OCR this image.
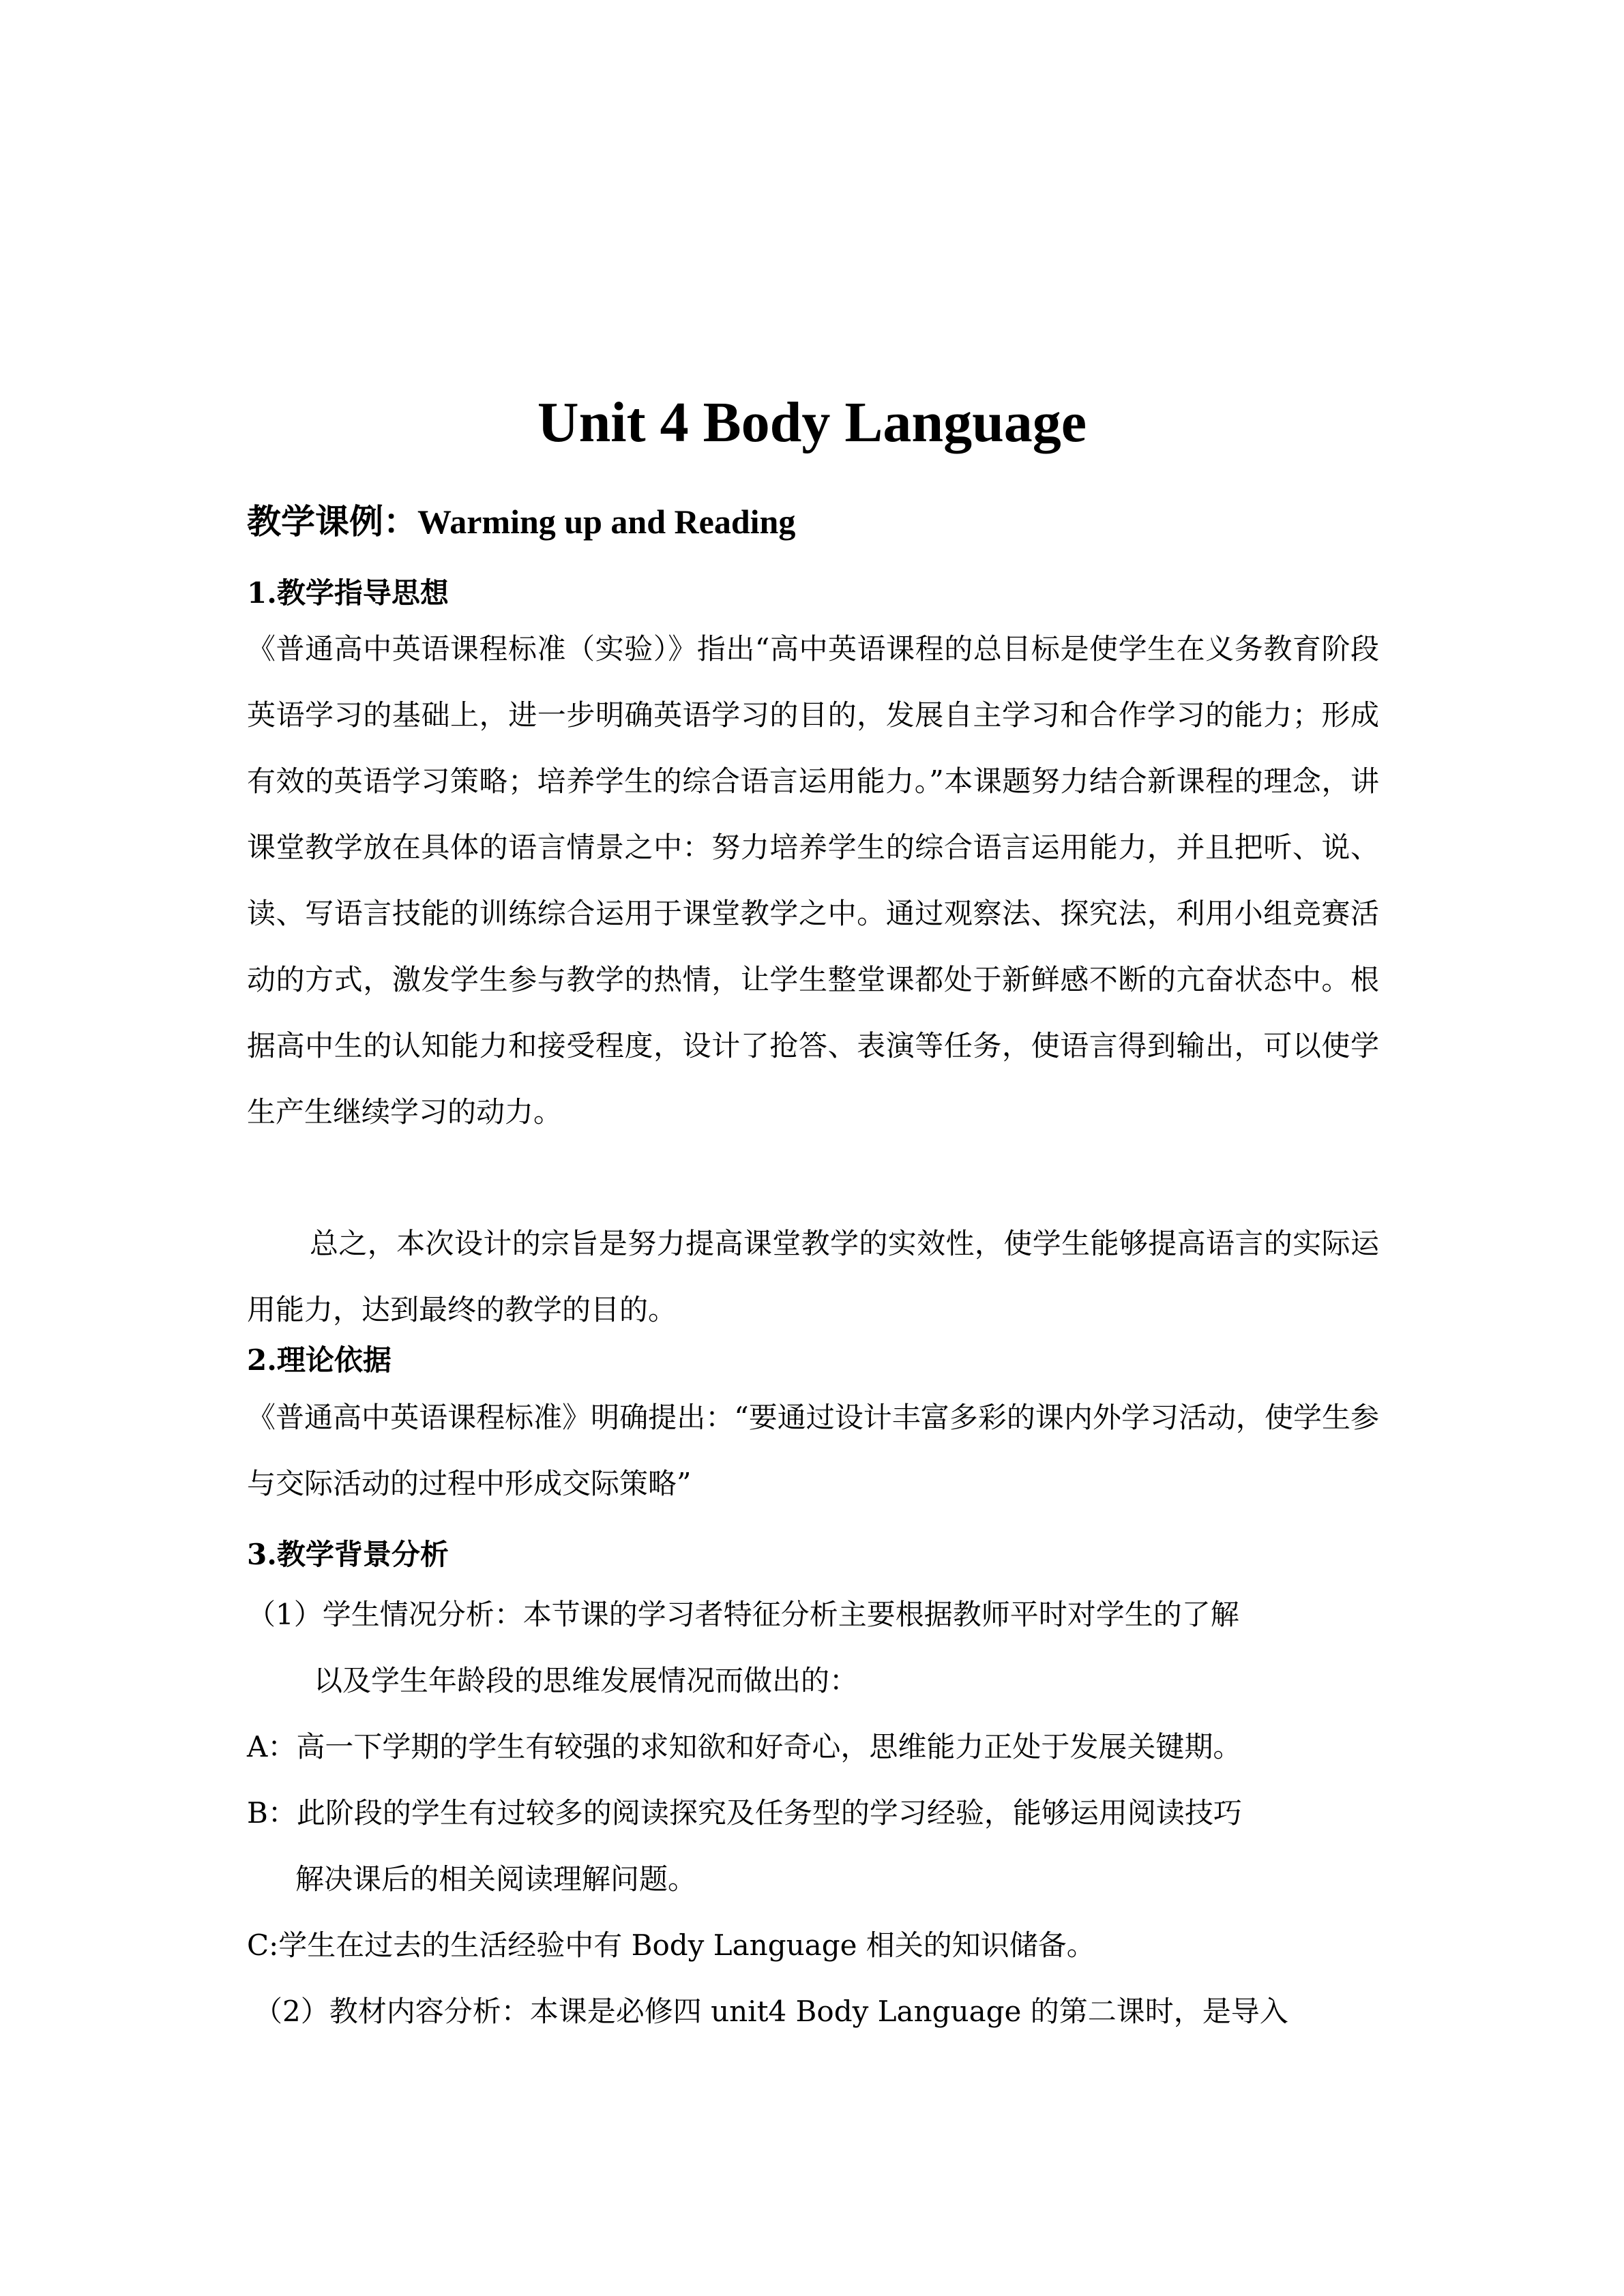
Unit 4 Body Language
教学课例：Warming up and Reading
1.教学指导思想

《普通高中英语课程标准（实验）》指出“高中英语课程的总目标是使学生在义务教育阶段英语学习的基础上，进一步明确英语学习的目的，发展自主学习和合作学习的能力；形成有效的英语学习策略；培养学生的综合语言运用能力。”本课题努力结合新课程的理念，讲课堂教学放在具体的语言情景之中：努力培养学生的综合语言运用能力，并且把听、说、读、写语言技能的训练综合运用于课堂教学之中。通过观察法、探究法，利用小组竞赛活动的方式，激发学生参与教学的热情，让学生整堂课都处于新鲜感不断的亢奋状态中。根据高中生的认知能力和接受程度，设计了抢答、表演等任务，使语言得到输出，可以使学生产生继续学习的动力。

总之，本次设计的宗旨是努力提高课堂教学的实效性，使学生能够提高语言的实际运用能力，达到最终的教学的目的。

2.理论依据

《普通高中英语课程标准》明确提出：“要通过设计丰富多彩的课内外学习活动，使学生参与交际活动的过程中形成交际策略”

3.教学背景分析
（1）学生情况分析：本节课的学习者特征分析主要根据教师平时对学生的了解
以及学生年龄段的思维发展情况而做出的：
A：高一下学期的学生有较强的求知欲和好奇心，思维能力正处于发展关键期。
B：此阶段的学生有过较多的阅读探究及任务型的学习经验，能够运用阅读技巧
解决课后的相关阅读理解问题。
C:学生在过去的生活经验中有 Body Language 相关的知识储备。
（2）教材内容分析：本课是必修四 unit4 Body Language 的第二课时，是导入
